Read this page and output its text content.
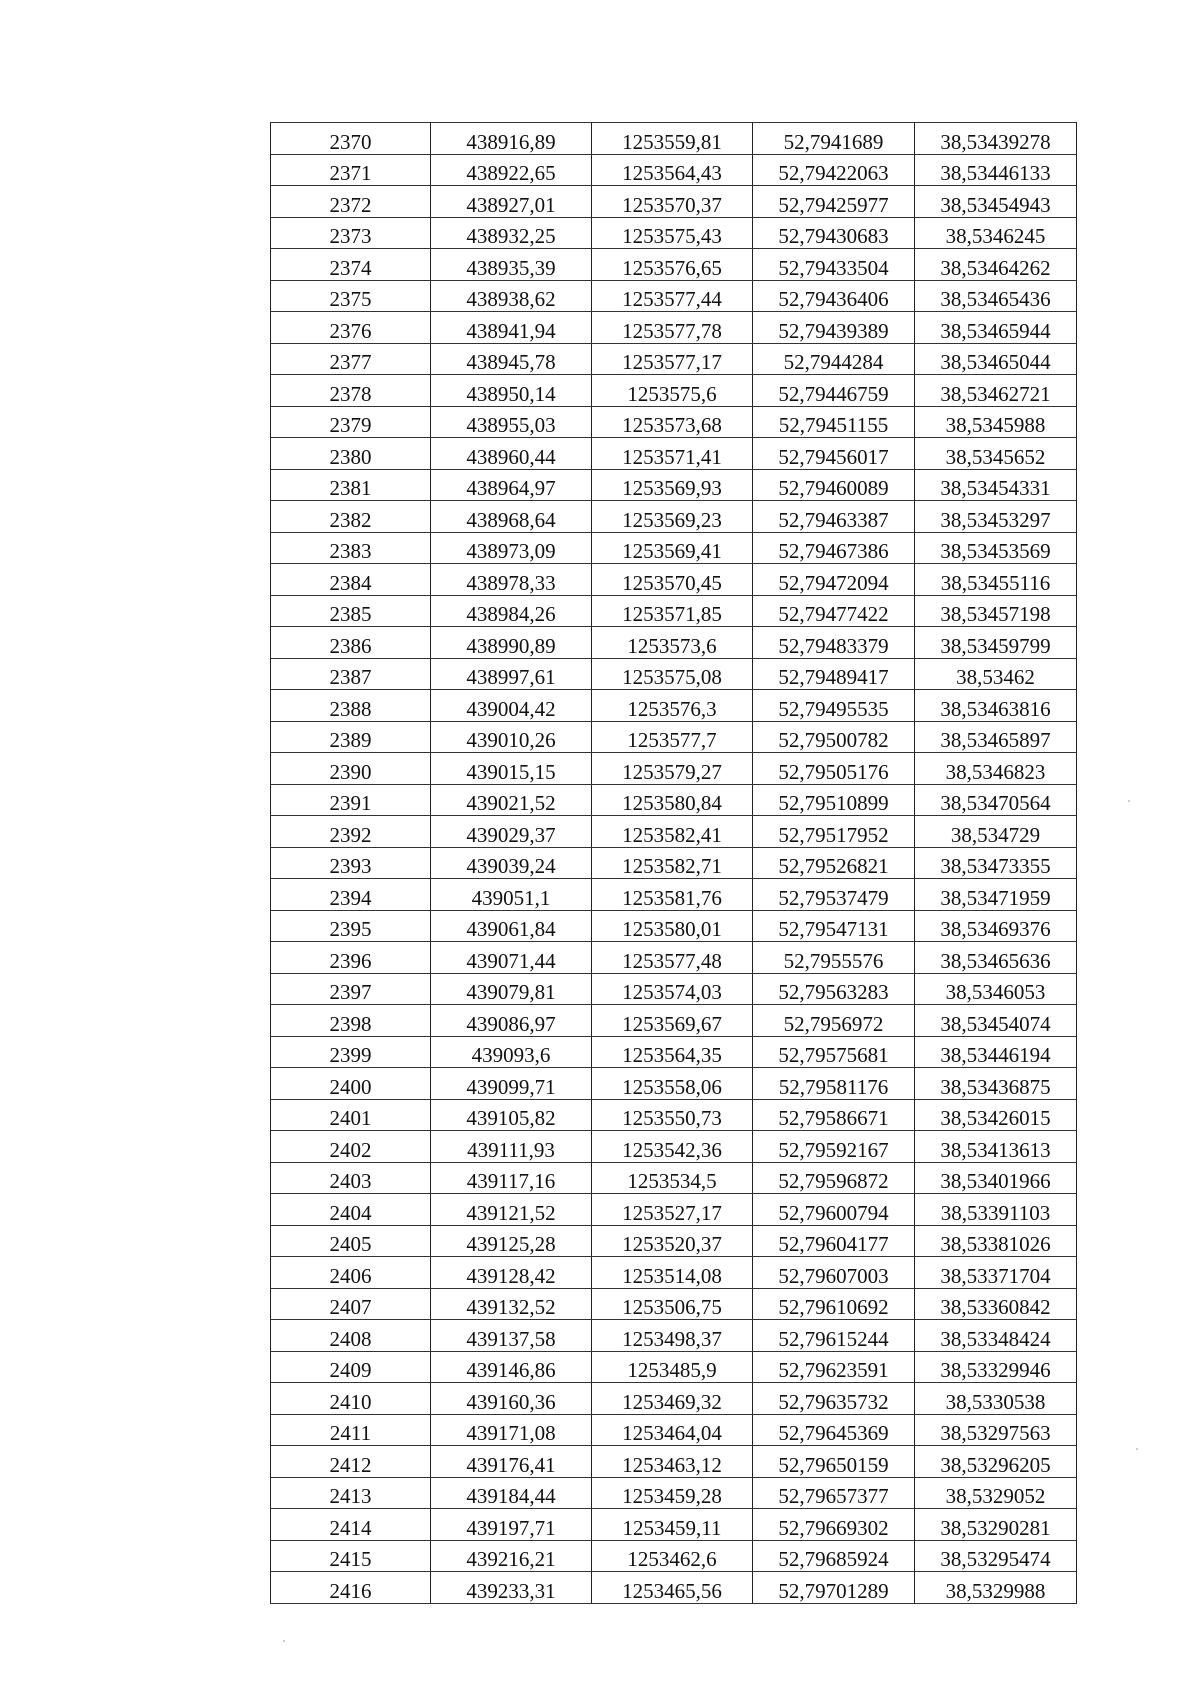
2370	438916,89	1253559,81	52,7941689	38,53439278
2371	438922,65	1253564,43	52,79422063	38,53446133
2372	438927,01	1253570,37	52,79425977	38,53454943
2373	438932,25	1253575,43	52,79430683	38,5346245
2374	438935,39	1253576,65	52,79433504	38,53464262
2375	438938,62	1253577,44	52,79436406	38,53465436
2376	438941,94	1253577,78	52,79439389	38,53465944
2377	438945,78	1253577,17	52,7944284	38,53465044
2378	438950,14	1253575,6	52,79446759	38,53462721
2379	438955,03	1253573,68	52,79451155	38,5345988
2380	438960,44	1253571,41	52,79456017	38,5345652
2381	438964,97	1253569,93	52,79460089	38,53454331
2382	438968,64	1253569,23	52,79463387	38,53453297
2383	438973,09	1253569,41	52,79467386	38,53453569
2384	438978,33	1253570,45	52,79472094	38,53455116
2385	438984,26	1253571,85	52,79477422	38,53457198
2386	438990,89	1253573,6	52,79483379	38,53459799
2387	438997,61	1253575,08	52,79489417	38,53462
2388	439004,42	1253576,3	52,79495535	38,53463816
2389	439010,26	1253577,7	52,79500782	38,53465897
2390	439015,15	1253579,27	52,79505176	38,5346823
2391	439021,52	1253580,84	52,79510899	38,53470564
2392	439029,37	1253582,41	52,79517952	38,534729
2393	439039,24	1253582,71	52,79526821	38,53473355
2394	439051,1	1253581,76	52,79537479	38,53471959
2395	439061,84	1253580,01	52,79547131	38,53469376
2396	439071,44	1253577,48	52,7955576	38,53465636
2397	439079,81	1253574,03	52,79563283	38,5346053
2398	439086,97	1253569,67	52,7956972	38,53454074
2399	439093,6	1253564,35	52,79575681	38,53446194
2400	439099,71	1253558,06	52,79581176	38,53436875
2401	439105,82	1253550,73	52,79586671	38,53426015
2402	439111,93	1253542,36	52,79592167	38,53413613
2403	439117,16	1253534,5	52,79596872	38,53401966
2404	439121,52	1253527,17	52,79600794	38,53391103
2405	439125,28	1253520,37	52,79604177	38,53381026
2406	439128,42	1253514,08	52,79607003	38,53371704
2407	439132,52	1253506,75	52,79610692	38,53360842
2408	439137,58	1253498,37	52,79615244	38,53348424
2409	439146,86	1253485,9	52,79623591	38,53329946
2410	439160,36	1253469,32	52,79635732	38,5330538
2411	439171,08	1253464,04	52,79645369	38,53297563
2412	439176,41	1253463,12	52,79650159	38,53296205
2413	439184,44	1253459,28	52,79657377	38,5329052
2414	439197,71	1253459,11	52,79669302	38,53290281
2415	439216,21	1253462,6	52,79685924	38,53295474
2416	439233,31	1253465,56	52,79701289	38,5329988
